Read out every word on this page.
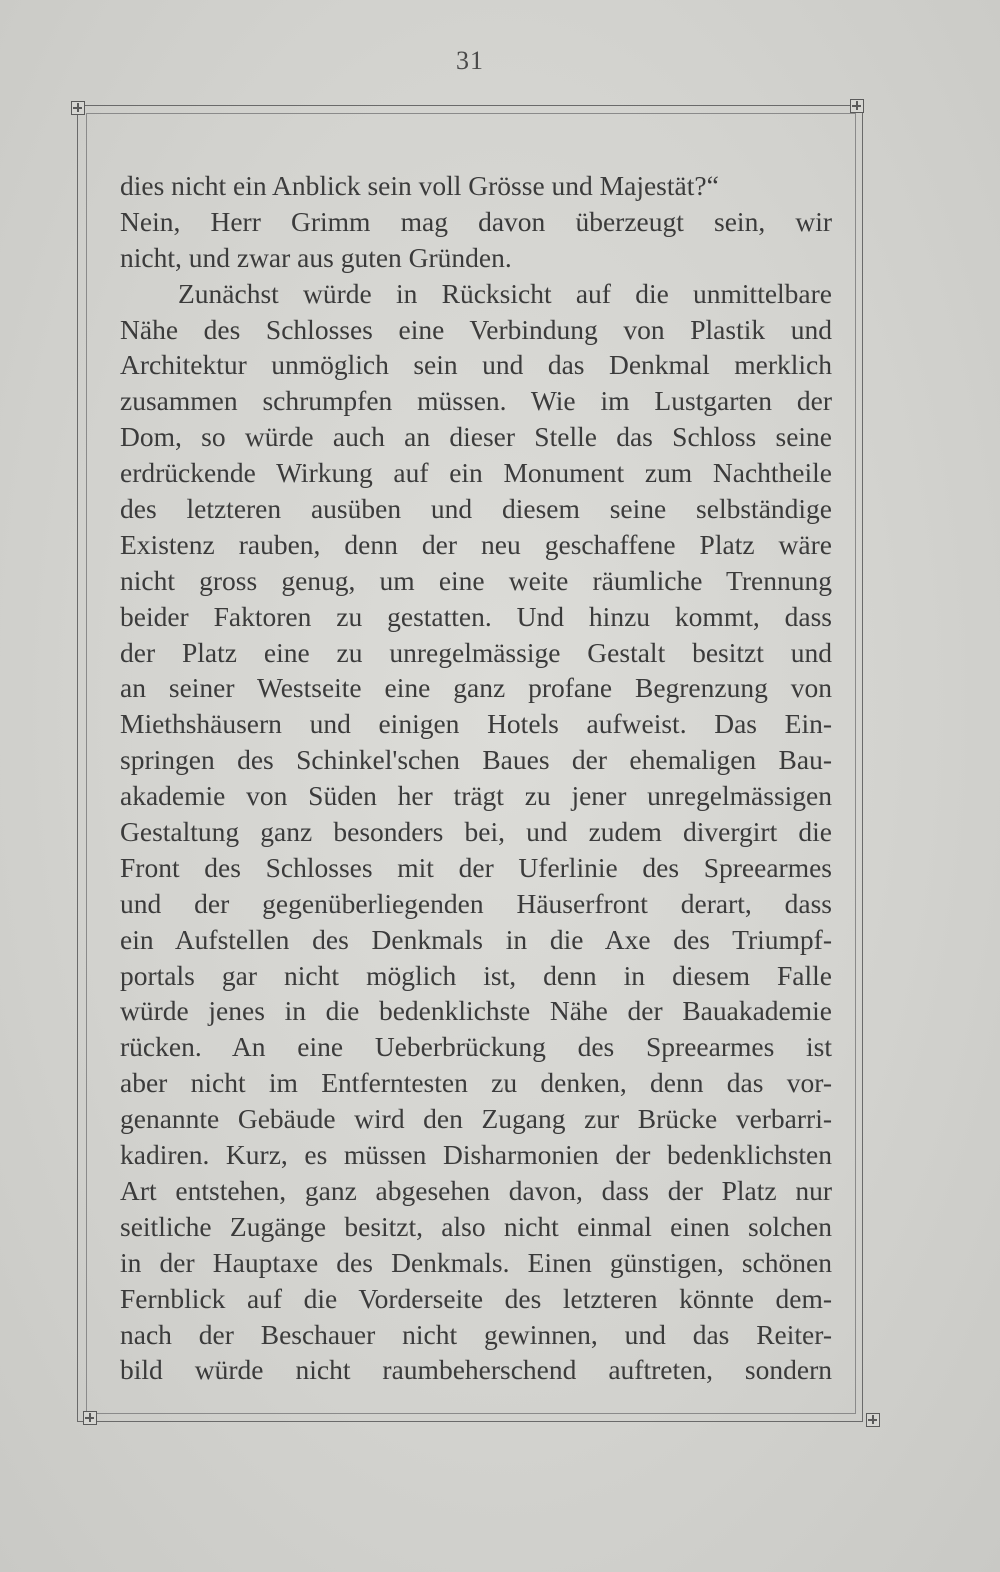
31
dies nicht ein Anblick sein voll Grösse und Majestät?“
Nein, Herr Grimm mag davon überzeugt sein, wir
nicht, und zwar aus guten Gründen.
Zunächst würde in Rücksicht auf die unmittelbare
Nähe des Schlosses eine Verbindung von Plastik und
Architektur unmöglich sein und das Denkmal merklich
zusammen schrumpfen müssen. Wie im Lustgarten der
Dom, so würde auch an dieser Stelle das Schloss seine
erdrückende Wirkung auf ein Monument zum Nachtheile
des letzteren ausüben und diesem seine selbständige
Existenz rauben, denn der neu geschaffene Platz wäre
nicht gross genug, um eine weite räumliche Trennung
beider Faktoren zu gestatten. Und hinzu kommt, dass
der Platz eine zu unregelmässige Gestalt besitzt und
an seiner Westseite eine ganz profane Begrenzung von
Miethshäusern und einigen Hotels aufweist. Das Ein-
springen des Schinkel'schen Baues der ehemaligen Bau-
akademie von Süden her trägt zu jener unregelmässigen
Gestaltung ganz besonders bei, und zudem divergirt die
Front des Schlosses mit der Uferlinie des Spreearmes
und der gegenüberliegenden Häuserfront derart, dass
ein Aufstellen des Denkmals in die Axe des Triumpf-
portals gar nicht möglich ist, denn in diesem Falle
würde jenes in die bedenklichste Nähe der Bauakademie
rücken. An eine Ueberbrückung des Spreearmes ist
aber nicht im Entferntesten zu denken, denn das vor-
genannte Gebäude wird den Zugang zur Brücke verbarri-
kadiren. Kurz, es müssen Disharmonien der bedenklichsten
Art entstehen, ganz abgesehen davon, dass der Platz nur
seitliche Zugänge besitzt, also nicht einmal einen solchen
in der Hauptaxe des Denkmals. Einen günstigen, schönen
Fernblick auf die Vorderseite des letzteren könnte dem-
nach der Beschauer nicht gewinnen, und das Reiter-
bild würde nicht raumbeherschend auftreten, sondern
